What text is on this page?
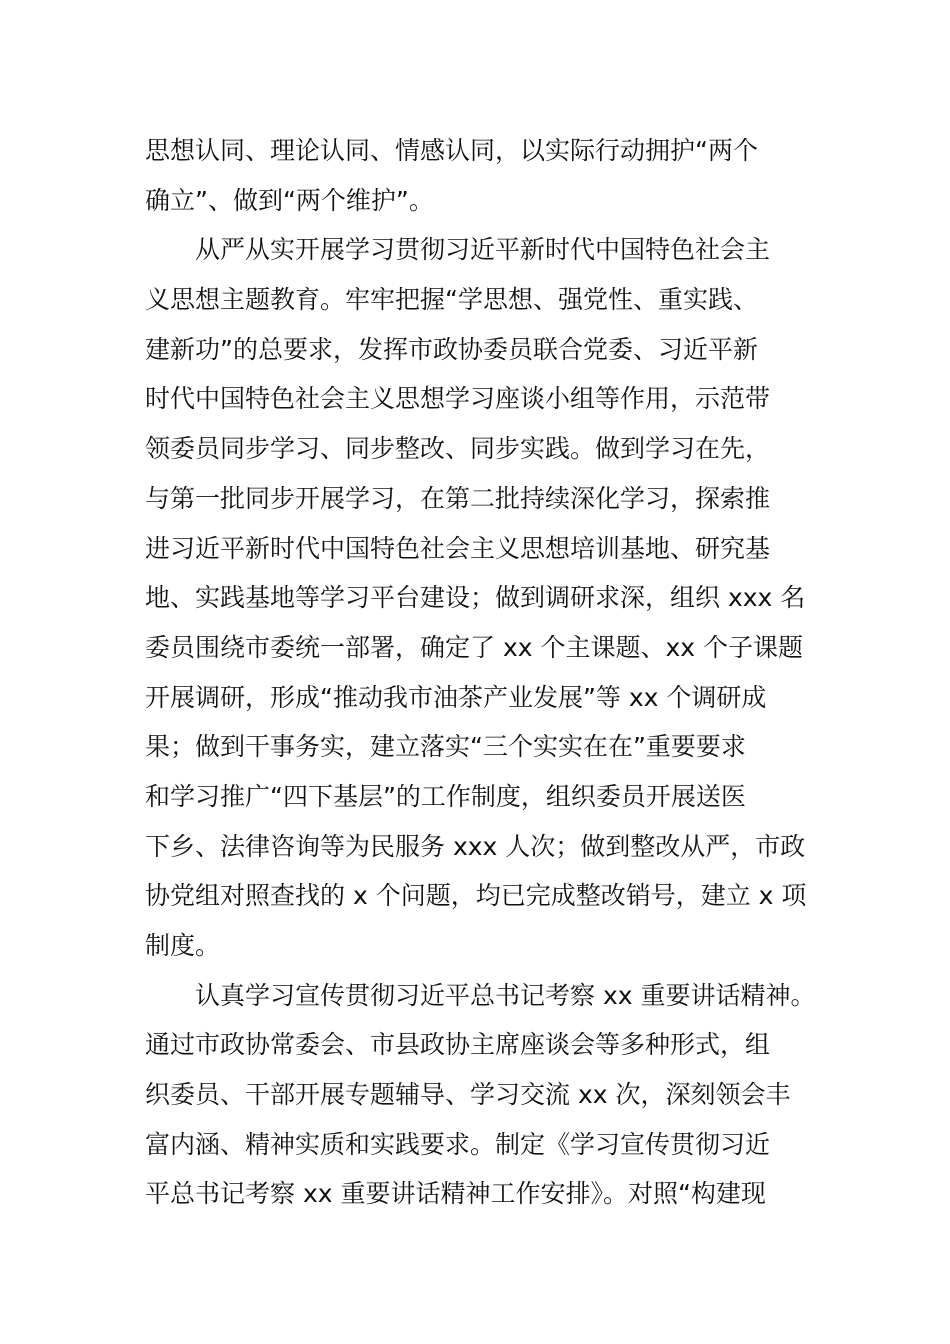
思想认同、理论认同、情感认同，以实际行动拥护“两个
确立”、做到“两个维护”。
从严从实开展学习贯彻习近平新时代中国特色社会主
义思想主题教育。牢牢把握“学思想、强党性、重实践、
建新功”的总要求，发挥市政协委员联合党委、习近平新
时代中国特色社会主义思想学习座谈小组等作用，示范带
领委员同步学习、同步整改、同步实践。做到学习在先，
与第一批同步开展学习，在第二批持续深化学习，探索推
进习近平新时代中国特色社会主义思想培训基地、研究基
地、实践基地等学习平台建设；做到调研求深，组织 xxx 名
委员围绕市委统一部署，确定了 xx 个主课题、xx 个子课题
开展调研，形成“推动我市油茶产业发展”等 xx 个调研成
果；做到干事务实，建立落实“三个实实在在”重要要求
和学习推广“四下基层”的工作制度，组织委员开展送医
下乡、法律咨询等为民服务 xxx 人次；做到整改从严，市政
协党组对照查找的 x 个问题，均已完成整改销号，建立 x 项
制度。
认真学习宣传贯彻习近平总书记考察 xx 重要讲话精神。
通过市政协常委会、市县政协主席座谈会等多种形式，组
织委员、干部开展专题辅导、学习交流 xx 次，深刻领会丰
富内涵、精神实质和实践要求。制定《学习宣传贯彻习近
平总书记考察 xx 重要讲话精神工作安排》。对照“构建现
